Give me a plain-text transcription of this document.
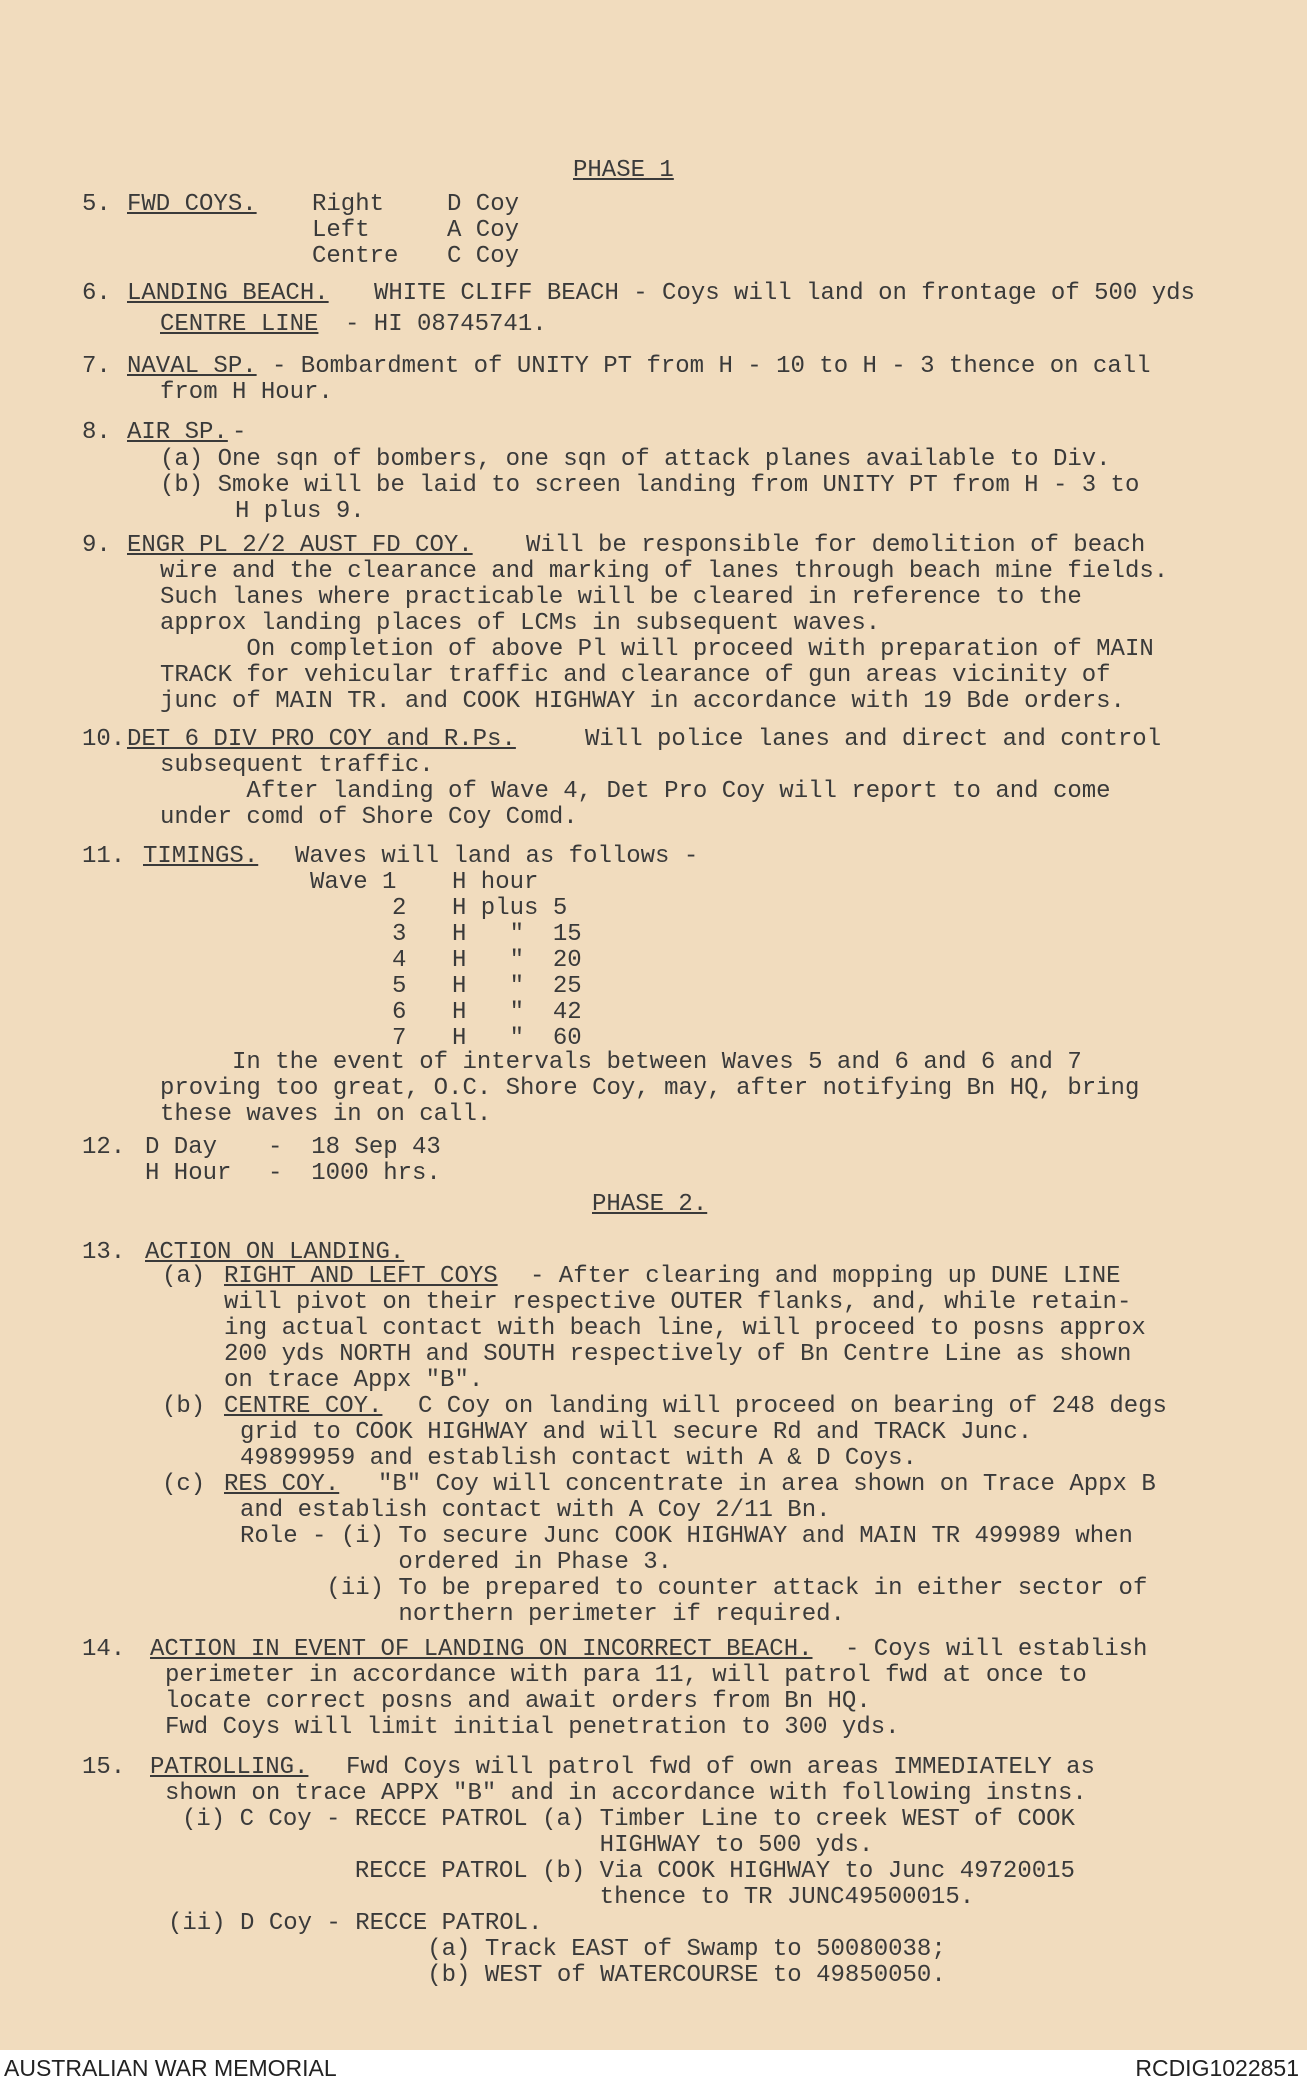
PHASE 1
5. FWD COYS. Right	D Coy
Left	A Coy
Centre C Coy
6. LANDING BEACH. WHITE CLIFF BEACH - Coys will land on frontage of 500 yds
CENTRE LINE - HI 08745741.
7. NAVAL SP. - Bombardment of UNITY PT from H - 10 to H - 3 thence on call
from H Hour.
8. AIR SP. -
(a) One sqn of bombers, one sqn of attack planes available to Div.
(b) Smoke will be laid to screen landing from UNITY PT from H - 3 to
H plus 9.
9. ENGR PL 2/2 AUST FD COY. Will be responsible for demolition of beach
wire and the clearance and marking of lanes through beach mine fields.
Such lanes where practicable will be cleared in reference to the
approx landing places of LCMs in subsequent waves.
On completion of above Pl will proceed with preparation of MAIN
TRACK for vehicular traffic and clearance of gun areas vicinity of
junc of MAIN TR. and COOK HIGHWAY in accordance with 19 Bde orders.
10. DET 6 DIV PRO COY and R.Ps.	Will police lanes and direct and control
subsequent traffic.
After landing of Wave 4, Det Pro Coy will report to and come
under comd of Shore Coy Comd.
11. TIMINGS. Waves will land as follows -
Wave 1 H hour
2 H plus 5
3 H   "  15
4 H   "  20
5 H   "  25
6 H   "  42
7 H   "  60
In the event of intervals between Waves 5 and 6 and 6 and 7
proving too great, O.C. Shore Coy, may, after notifying Bn HQ, bring
these waves in on call.
12. D Day -  18 Sep 43
H Hour -  1000 hrs.
PHASE 2.
13. ACTION ON LANDING.
(a) RIGHT AND LEFT COYS - After clearing and mopping up DUNE LINE
will pivot on their respective OUTER flanks, and, while retain-
ing actual contact with beach line, will proceed to posns approx
200 yds NORTH and SOUTH respectively of Bn Centre Line as shown
on trace Appx "B".
(b) CENTRE COY. C Coy on landing will proceed on bearing of 248 degs
grid to COOK HIGHWAY and will secure Rd and TRACK Junc.
49899959 and establish contact with A & D Coys.
(c) RES COY. "B" Coy will concentrate in area shown on Trace Appx B
and establish contact with A Coy 2/11 Bn.
Role - (i) To secure Junc COOK HIGHWAY and MAIN TR 499989 when
ordered in Phase 3.
(ii) To be prepared to counter attack in either sector of
northern perimeter if required.
14. ACTION IN EVENT OF LANDING ON INCORRECT BEACH. - Coys will establish
perimeter in accordance with para 11, will patrol fwd at once to
locate correct posns and await orders from Bn HQ.
Fwd Coys will limit initial penetration to 300 yds.
15. PATROLLING. Fwd Coys will patrol fwd of own areas IMMEDIATELY as
shown on trace APPX "B" and in accordance with following instns.
(i) C Coy - RECCE PATROL (a) Timber Line to creek WEST of COOK
HIGHWAY to 500 yds.
RECCE PATROL (b) Via COOK HIGHWAY to Junc 49720015
thence to TR JUNC49500015.
(ii) D Coy - RECCE PATROL.
(a) Track EAST of Swamp to 50080038;
(b) WEST of WATERCOURSE to 49850050.
AUSTRALIAN WAR MEMORIAL	RCDIG1022851
